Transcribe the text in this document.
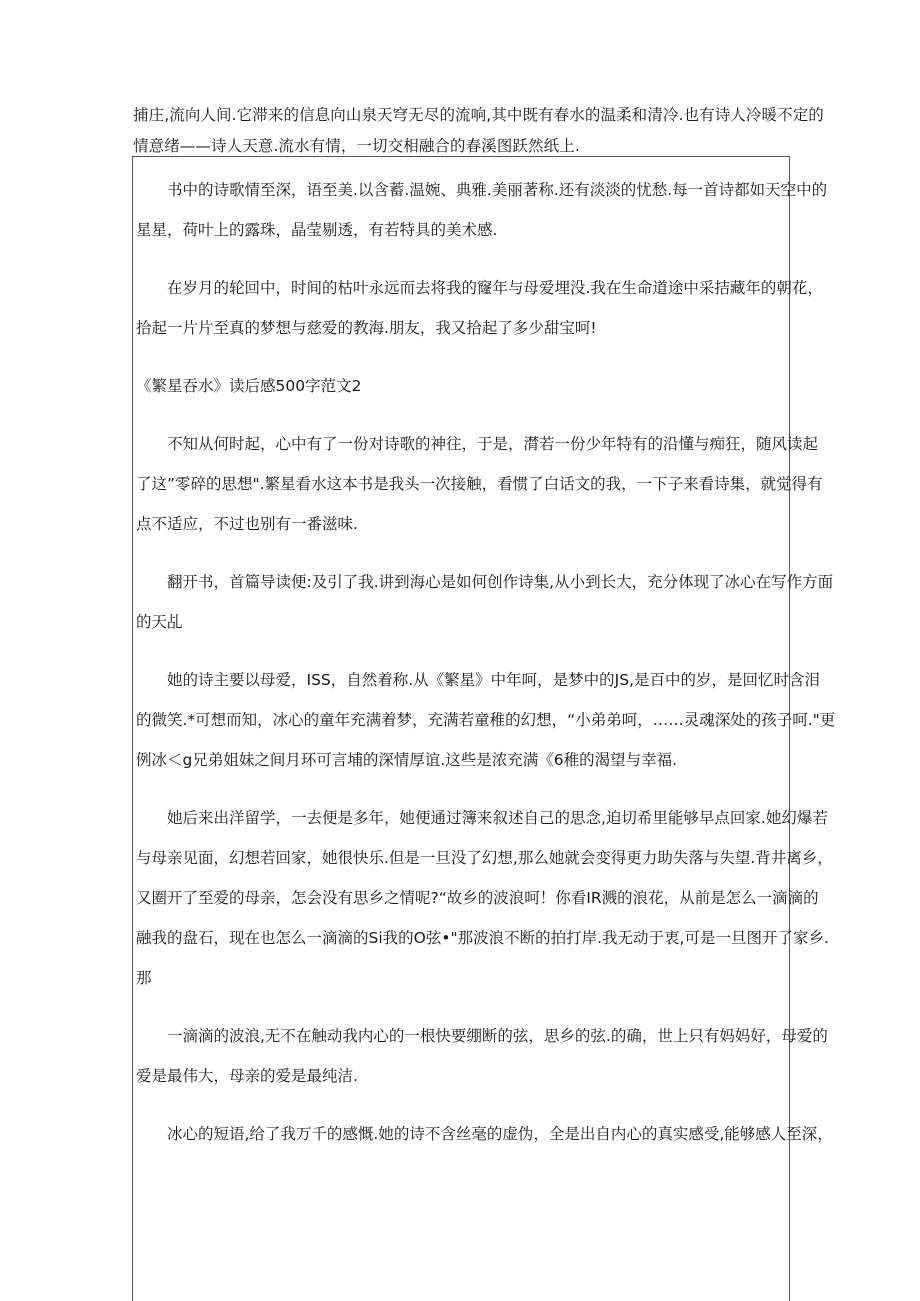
捕庄,流向人间.它滞来的信息向山泉天穹无尽的流响,其中既有春水的温柔和清冷.也有诗人冷暖不定的

情意绪——诗人天意.流水有情，一切交相融合的春溪图跃然纸上.

书中的诗歌情至深，语至美.以含蓄.温婉、典雅.美丽著称.还有淡淡的忧愁.每一首诗都如天空中的
星星，荷叶上的露珠，晶莹剔透，有若特具的美术感.
在岁月的轮回中，时间的枯叶永远而去将我的窿年与母爱埋没.我在生命道途中采拮藏年的朝花，
拾起一片片至真的梦想与慈爱的教海.朋友，我又拾起了多少甜宝呵!
《繁星吞水》读后感500字范文2
不知从何时起，心中有了一份对诗歌的神往，于是，潸若一份少年特有的沿懂与痴狂，随风读起
了这”零碎的思想".繁星看水这本书是我头一次接触，看惯了白话文的我，一下子来看诗集，就觉得有
点不适应，不过也别有一番滋味.
翻开书，首篇导读便:及引了我.讲到海心是如何创作诗集,从小到长大，充分体现了冰心在写作方面
的天乩
她的诗主要以母爱，ISS，自然着称.从《繁星》中年呵，是梦中的JS,是百中的岁，是回忆时含泪
的微笑.*可想而知，冰心的童年充满着梦，充满若童稚的幻想，“小弟弟呵，……灵魂深处的孩子呵."更
例冰＜g兄弟姐妹之间月环可言埔的深情厚谊.这些是浓充满《6稚的渴望与幸福.
她后来出洋留学，一去便是多年，她便通过簿来叙述自己的思念,迫切希里能够早点回家.她幻爆若
与母亲见面，幻想若回家，她很快乐.但是一旦没了幻想,那么她就会变得更力助失落与失望.背井离乡，
又圈开了至爱的母亲，怎会没有思乡之情呢?“故乡的波浪呵！你看IR溅的浪花，从前是怎么一滴滴的
融我的盘石，现在也怎么一滴滴的Si我的O弦•"那波浪不断的拍打岸.我无动于衷,可是一旦图开了家乡.
那
一滴滴的波浪,无不在触动我内心的一根快要绷断的弦，思乡的弦.的确，世上只有妈妈好，母爱的
爱是最伟大，母亲的爱是最纯洁.
冰心的短语,给了我万千的感慨.她的诗不含丝毫的虚伪，全是出自内心的真实感受,能够感人至深，
